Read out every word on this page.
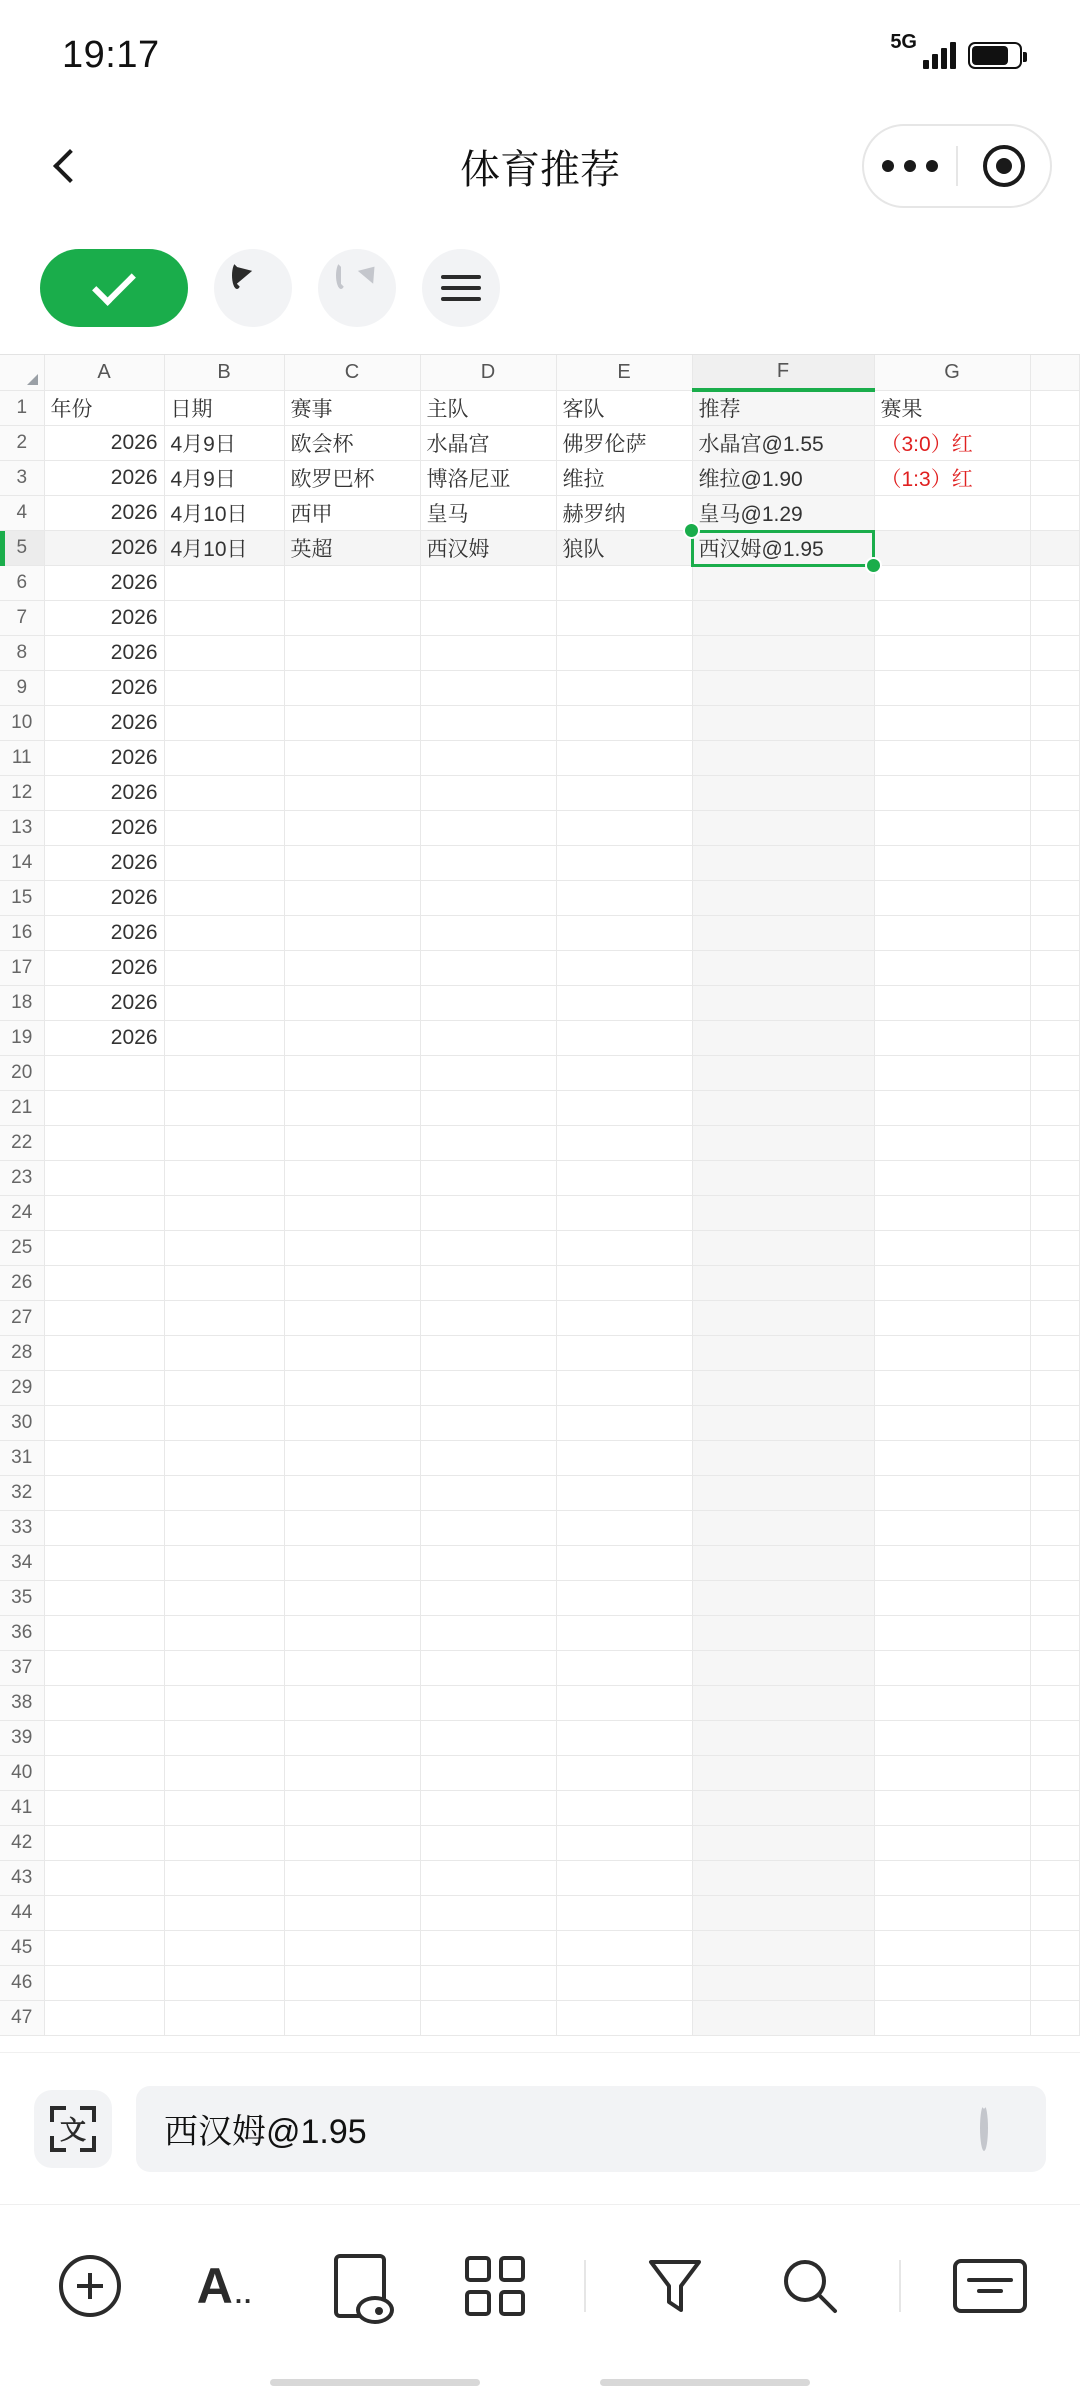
19:17	5G
体育推荐
	A	B	C	D	E	F	G	
1	年份	日期	赛事	主队	客队	推荐	赛果	
2	2026	4月9日	欧会杯	水晶宫	佛罗伦萨	水晶宫@1.55	（3:0）红	
3	2026	4月9日	欧罗巴杯	博洛尼亚	维拉	维拉@1.90	（1:3）红	
4	2026	4月10日	西甲	皇马	赫罗纳	皇马@1.29		
5	2026	4月10日	英超	西汉姆	狼队	西汉姆@1.95		
6	2026							
7	2026							
8	2026							
9	2026							
10	2026							
11	2026							
12	2026							
13	2026							
14	2026							
15	2026							
16	2026							
17	2026							
18	2026							
19	2026							
20								
21								
22								
23								
24								
25								
26								
27								
28								
29								
30								
31								
32								
33								
34								
35								
36								
37								
38								
39								
40								
41								
42								
43								
44								
45								
46								
47								
文 西汉姆@1.95
A..
